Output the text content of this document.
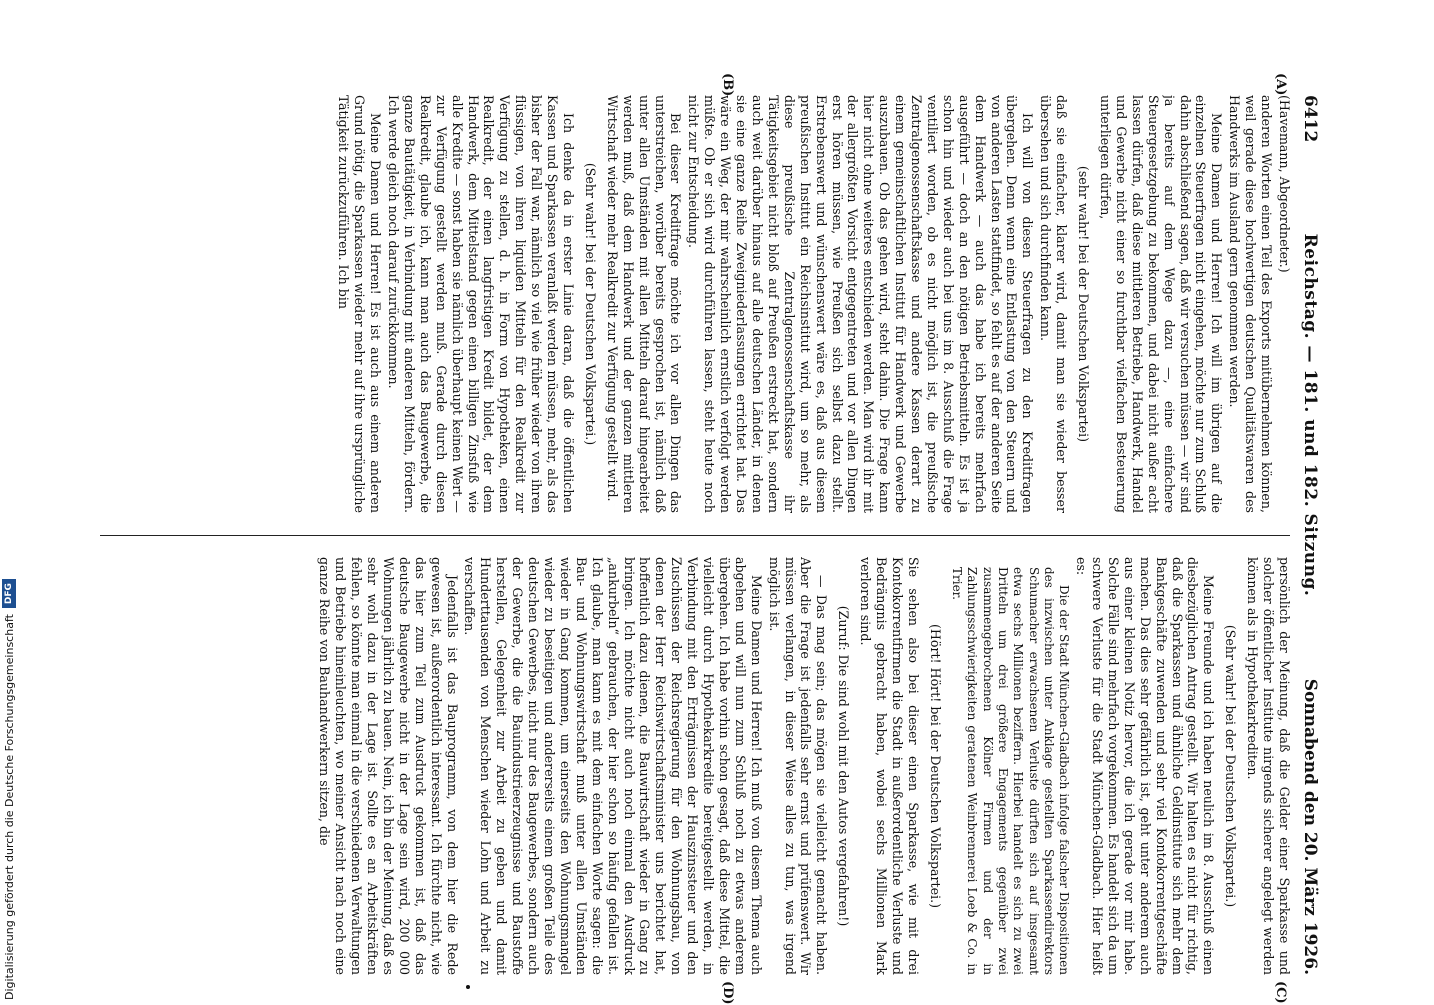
6412
Reichstag. — 181. und 182. Sitzung.
Sonnabend den 20. März 1926.
(A)
(B)
(C)
(D)

(Havemann, Abgeordneter.)

anderen Worten einen Teil des Exports mitübernehmen können, weil gerade diese hochwertigen deutschen Qualitätswaren des Handwerks im Ausland gern genommen werden.

Meine Damen und Herren! Ich will im übrigen auf die einzelnen Steuerfragen nicht eingehen, möchte nur zum Schluß dahin abschließend sagen, daß wir versuchen müssen — wir sind ja bereits auf dem Wege dazu —, eine einfachere Steuergesetzgebung zu bekommen, und dabei nicht außer acht lassen dürfen, daß diese mittleren Betriebe, Handwerk, Handel und Gewerbe nicht einer so furchtbar vielfachen Besteuerung unterliegen dürfen,

(sehr wahr! bei der Deutschen Volkspartei)

daß sie einfacher, klarer wird, damit man sie wieder besser übersehen und sich durchfinden kann.

Ich will von diesen Steuerfragen zu den Kreditfragen übergehen. Denn wenn eine Entlastung von den Steuern und von anderen Lasten stattfindet, so fehlt es auf der anderen Seite dem Handwerk — auch das habe ich bereits mehrfach ausgeführt — doch an den nötigen Betriebsmitteln. Es ist ja schon hin und wieder auch bei uns im 8. Ausschuß die Frage ventiliert worden, ob es nicht möglich ist, die preußische Zentralgenossenschaftskasse und andere Kassen derart zu einem gemeinschaftlichen Institut für Handwerk und Gewerbe auszubauen. Ob das gehen wird, steht dahin. Die Frage kann hier nicht ohne weiteres entschieden werden. Man wird ihr mit der allergrößten Vorsicht entgegentreten und vor allen Dingen erst hören müssen, wie Preußen sich selbst dazu stellt. Erstrebenswert und wünschenswert wäre es, daß aus diesem preußischen Institut ein Reichsinstitut wird, um so mehr, als diese preußische Zentralgenossenschaftskasse ihr Tätigkeitsgebiet nicht bloß auf Preußen erstreckt hat, sondern auch weit darüber hinaus auf alle deutschen Länder, in denen sie eine ganze Reihe Zweigniederlassungen errichtet hat. Das wäre ein Weg, der mir wahrscheinlich ernstlich verfolgt werden müßte. Ob er sich wird durchführen lassen, steht heute noch nicht zur Entscheidung.

Bei dieser Kreditfrage möchte ich vor allen Dingen das unterstreichen, worüber bereits gesprochen ist, nämlich daß unter allen Umständen mit allen Mitteln darauf hingearbeitet werden muß, daß dem Handwerk und der ganzen mittleren Wirtschaft wieder mehr Realkredit zur Verfügung gestellt wird.

(Sehr wahr! bei der Deutschen Volkspartei.)

Ich denke da in erster Linie daran, daß die öffentlichen Kassen und Sparkassen veranlaßt werden müssen, mehr, als das bisher der Fall war, nämlich so viel wie früher wieder von ihren flüssigen, von ihren liquiden Mitteln für den Realkredit zur Verfügung zu stellen, d. h. in Form von Hypotheken, einen Realkredit, der einen langfristigen Kredit bildet, der dem Handwerk, dem Mittelstand gegen einen billigen Zinsfuß wie alle Kredite — sonst haben sie nämlich überhaupt keinen Wert — zur Verfügung gestellt werden muß. Gerade durch diesen Realkredit, glaube ich, kann man auch das Baugewerbe, die ganze Bautätigkeit, in Verbindung mit anderen Mitteln, fördern. Ich werde gleich noch darauf zurückkommen.

Meine Damen und Herren! Es ist auch aus einem anderen Grund nötig, die Sparkassen wieder mehr auf ihre ursprüngliche Tätigkeit zurückzuführen. Ich bin

persönlich der Meinung, daß die Gelder einer Sparkasse und solcher öffentlicher Institute nirgends sicherer angelegt werden können als in Hypothekarkrediten.

(Sehr wahr! bei der Deutschen Volkspartei.)

Meine Freunde und ich haben neulich im 8. Ausschuß einen diesbezüglichen Antrag gestellt. Wir halten es nicht für richtig, daß die Sparkassen und ähnliche Geldinstitute sich mehr dem Bankgeschäfte zuwenden und sehr viel Kontokorrentgeschäfte machen. Das dies sehr gefährlich ist, geht unter anderem auch aus einer kleinen Notiz hervor, die ich gerade vor mir habe. Solche Fälle sind mehrfach vorgekommen. Es handelt sich da um schwere Verluste für die Stadt München-Gladbach. Hier heißt es:

Die der Stadt München-Gladbach infolge falscher Dispositionen des inzwischen unter Anklage gestellten Sparkassendirektors Schumacher erwachsenen Verluste dürften sich auf insgesamt etwa sechs Millionen beziffern. Hierbei handelt es sich zu zwei Dritteln um drei größere Engagements gegenüber zwei zusammengebrochenen Kölner Firmen und der in Zahlungsschwierigkeiten geratenen Weinbrennerei Loeb & Co. in Trier.

(Hört! Hört! bei der Deutschen Volkspartei.)

Sie sehen also bei dieser einen Sparkasse, wie mit drei Kontokorrentfirmen die Stadt in außerordentliche Verluste und Bedrängnis gebracht haben, wobei sechs Millionen Mark verloren sind.

(Zuruf: Die sind wohl mit den Autos vergefahren!)

— Das mag sein; das mögen sie vielleicht gemacht haben. Aber die Frage ist jedenfalls sehr ernst und prüfenswert. Wir müssen verlangen, in dieser Weise alles zu tun, was irgend möglich ist.

Meine Damen und Herren! Ich muß von diesem Thema auch abgehen und will nun zum Schluß noch zu etwas anderem übergehen. Ich habe vorhin schon gesagt, daß diese Mittel, die vielleicht durch Hypothekarkredite bereitgestellt werden, in Verbindung mit den Erträgnissen der Hauszinssteuer und den Zuschüssen der Reichsregierung für den Wohnungsbau, von denen der Herr Reichswirtschaftsminister uns berichtet hat, hoffentlich dazu dienen, die Bauwirtschaft wieder in Gang zu bringen. Ich möchte nicht auch noch einmal den Ausdruck „ankurbeln“ gebrauchen, der hier schon so häufig gefallen ist. Ich glaube, man kann es mit dem einfachen Worte sagen: die Bau- und Wohnungswirtschaft muß unter allen Umständen wieder in Gang kommen, um einerseits den Wohnungsmangel wieder zu beseitigen und andererseits einem großen Teile des deutschen Gewerbes, nicht nur des Baugewerbes, sondern auch der Gewerbe, die die Bauindustrieerzeugnisse und Baustoffe herstellen, Gelegenheit zur Arbeit zu geben und damit Hunderttausenden von Menschen wieder Lohn und Arbeit zu verschaffen.

Jedenfalls ist das Bauprogramm, von dem hier die Rede gewesen ist, außerordentlich interessant. Ich fürchte nicht, wie das hier zum Teil zum Ausdruck gekommen ist, daß das deutsche Baugewerbe nicht in der Lage sein wird, 200 000 Wohnungen jährlich zu bauen. Nein, ich bin der Meinung, daß es sehr wohl dazu in der Lage ist. Sollte es an Arbeitskräften fehlen, so könnte man einmal in die verschiedenen Verwaltungen und Betriebe hineinleuchten, wo meiner Ansicht nach noch eine ganze Reihe von Bauhandwerkern sitzen, die

Digitalisierung gefördert durch die Deutsche Forschungsgemeinschaft
DFG
